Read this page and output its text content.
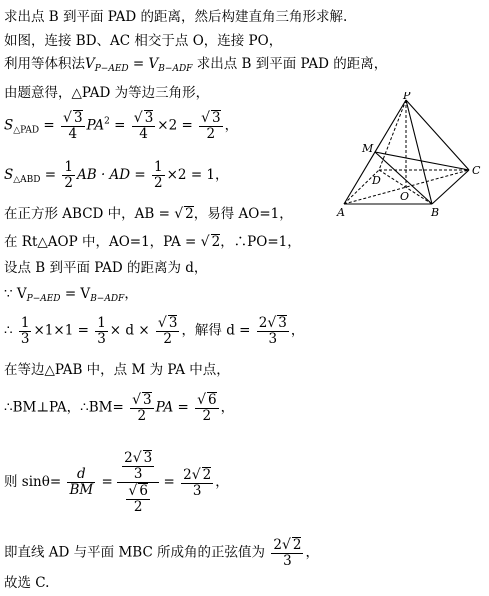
求出点 B 到平面 PAD 的距离，然后构建直角三角形求解.
如图，连接 BD、AC 相交于点 O，连接 PO，
利用等体积法$V_{P-AED} = V_{B-ADF}$ 求出点 B 到平面 PAD 的距离，
由题意得，△PAD 为等边三角形，
$S_{\triangle PAD} = \frac{√ 3}{4} PA^2 = \frac{√ 3}{4} \times 2 = \frac{√ 3}{2}$ ，
$S_{\triangle ABD} = \frac{1}{2}$ AB · AD = $\frac{1}{2} \times 2 = 1$，
在正方形 ABCD 中，AB = √ 2，易得 AO=1，
在 Rt△AOP 中，AO=1，PA = √ 2，∴PO=1，
设点 B 到平面 PAD 的距离为 d，
∵ $V_{P-AED} = V_{B-ADF}$，
∴ $\frac{1}{3} \times 1\times 1 = \frac{1}{3} \times d \times \frac{√ 3}{2}$ ，解得 $d = \frac{2√ 3}{3}$ ，
在等边△PAB 中，点 M 为 PA 中点，
∴BM⊥PA，∴BM= $\frac{√ 3}{2}$ PA = $\frac{√ 6}{2}$ ，
则 $\sin\theta= \frac{d}{BM} = \frac{\frac{2√ 3}{3}}{\frac{√ 6}{2}} = \frac{2√ 2}{3}$ ，
即直线 AD 与平面 MBC 所成角的正弦值为 $\frac{2√ 2}{3}$ ，
故选 C.
P
M
D
O
A	B
C
